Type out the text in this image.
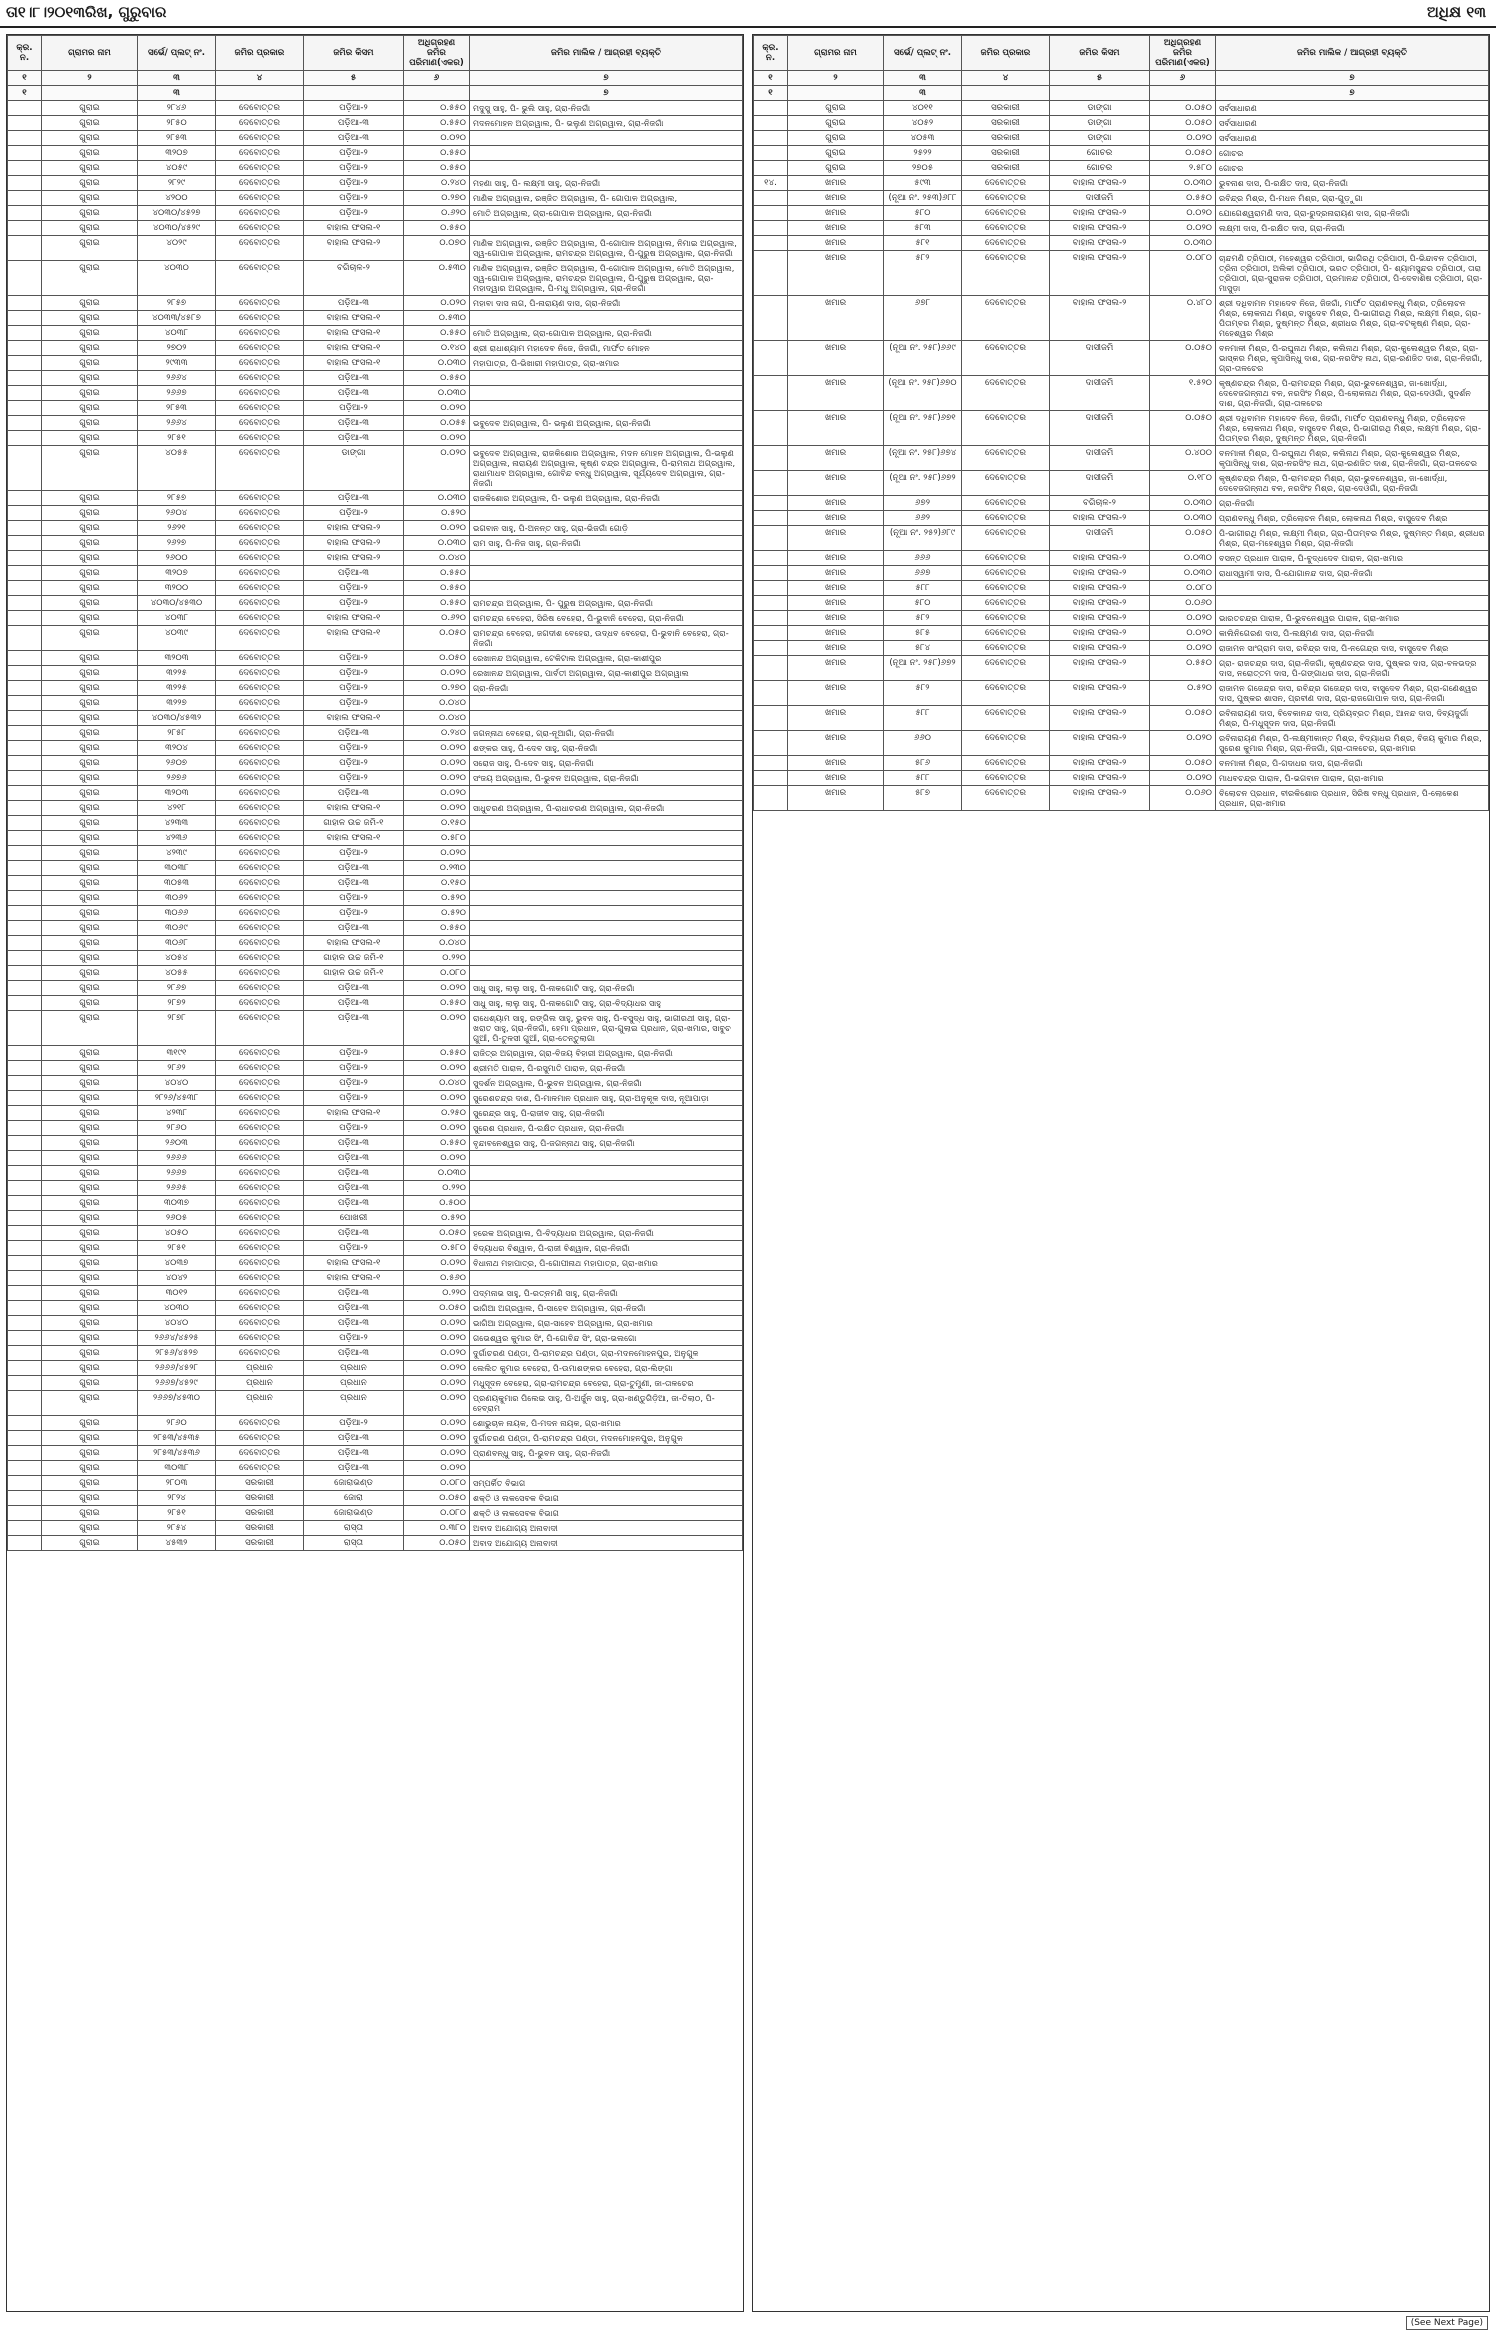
ତା୧।୮।୨୦୧୩ରିଖ, ଗୁରୁବାର	ଅଧିକ୍ଷ ୧୩
କ୍ର. ନ.	ଗ୍ରାମର ନାମ	ସର୍ଭେ/ ପ୍ଲଟ୍ ନଂ.	ଜମିର ପ୍ରକାର	ଜମିର କିସମ	ଅଧିଗ୍ରହଣ ଜମିର ପରିମାଣ(ଏକର)	ଜମିର ମାଲିକ / ଆଗ୍ରହୀ ବ୍ୟକ୍ତି
୧	୨	୩	୪	୫	୬	୭
୧		୩				୭
	ଗୁରାଇ	୨୮୪୬	ଦେବୋତ୍ତର	ପଡ଼ିଆ-୨	୦.୫୫୦	ମଦୁସୁ ସାହୁ, ପି- ଭୁଲି ସାହୁ, ଗ୍ରା-ନିଜଗାଁ
	ଗୁରାଇ	୨୮୫୦	ଦେବୋତ୍ତର	ପଡ଼ିଆ-୩	୦.୫୫୦	ମଦନମୋହନ ଅଗ୍ରୱାଲ, ପି- ଭଲୁଣ ଅଗ୍ରୱାଲ, ଗ୍ରା-ନିଜଗାଁ
	ଗୁରାଇ	୨୮୫୩	ଦେବୋତ୍ତର	ପଡ଼ିଆ-୩	୦.୦୨୦	
	ଗୁରାଇ	୩୨୦୭	ଦେବୋତ୍ତର	ପଡ଼ିଆ-୨	୦.୫୫୦	
	ଗୁରାଇ	୪୦୫୯	ଦେବୋତ୍ତର	ପଡ଼ିଆ-୨	୦.୫୫୦	
	ଗୁରାଇ	୨୮୨୯	ଦେବୋତ୍ତର	ପଡ଼ିଆ-୨	୦.୨୪୦	ମହଣା ସାହୁ, ପି- ଲକ୍ଷ୍ମୀ ସାହୁ, ଗ୍ରା-ନିଜଗାଁ
	ଗୁରାଇ	୪୨୦୦	ଦେବୋତ୍ତର	ପଡ଼ିଆ-୨	୦.୨୭୦	ମାଣିକ ଅଗ୍ରୱାଲ, ରଞ୍ଜିତ ଅଗ୍ରୱାଲ, ପି- ଗୋପାଳ ଅଗ୍ରୱାଲ,
	ଗୁରାଇ	୪୦୩୦/୪୫୨୭	ଦେବୋତ୍ତର	ପଡ଼ିଆ-୨	୦.୬୨୦	ମୋତି ଅଗ୍ରୱାଲ, ଗ୍ରା-ଗୋପାଳ ଅଗ୍ରୱାଲ, ଗ୍ରା-ନିଜଗାଁ
	ଗୁରାଇ	୪୦୩୦/୪୫୨୯	ଦେବୋତ୍ତର	ବାହାଲ ଫସଲ-୧	୦.୫୫୦	
	ଗୁରାଇ	୪୦୨୯	ଦେବୋତ୍ତର	ବାହାଲ ଫସଲ-୨	୦.୦୭୦	ମାଣିକ ଅଗ୍ରୱାଲ, ରଞ୍ଜିତ ଅଗ୍ରୱାଲ, ପି-ଗୋପାଳ ଅଗ୍ରୱାଲ, ନିମାଇ ଅଗ୍ରୱାଲ, ସ୍ୱ-ଗୋପାଳ ଅଗ୍ରୱାଲ, ରାମଚନ୍ଦ୍ର ଅଗ୍ରୱାଲ, ପି-ପୁରୁଷ ଅଗ୍ରୱାଲ, ଗ୍ରା-ନିଜଗାଁ
	ଗୁରାଇ	୪୦୩୦	ଦେବୋତ୍ତର	ବଗିଚାଳ-୨	୦.୫୩୦	ମାଣିକ ଅଗ୍ରୱାଲ, ରଞ୍ଜିତ ଅଗ୍ରୱାଲ, ପି-ଗୋପାଳ ଅଗ୍ରୱାଲ, ମୋତି ଅଗ୍ରୱାଲ, ସ୍ୱ-ଗୋପାଳ ଅଗ୍ରୱାଲ, ରାମଚନ୍ଦ୍ର ଅଗ୍ରୱାଲ, ପି-ପୁରୁଷ ଅଗ୍ରୱାଲ, ଗ୍ରା-ମହାଦ୍ୱାର ଅଗ୍ରୱାଲ, ପି-ମଧୁ ଅଗ୍ରୱାଲ, ଗ୍ରା-ନିଜଗାଁ
	ଗୁରାଇ	୨୮୫୭	ଦେବୋତ୍ତର	ପଡ଼ିଆ-୩	୦.୦୨୦	ମହାବା ଦାସ ନାଗ, ପି-ନାରାୟଣ ଦାସ, ଗ୍ରା-ନିଜଗାଁ
	ଗୁରାଇ	୪୦୩୩/୪୫୮୭	ଦେବୋତ୍ତର	ବାହାଲ ଫସଲ-୧	୦.୫୩୦	
	ଗୁରାଇ	୪୦୩୮	ଦେବୋତ୍ତର	ବାହାଲ ଫସଲ-୧	୦.୫୫୦	ମୋତି ଅଗ୍ରୱାଲ, ଗ୍ରା-ଗୋପାଳ ଅଗ୍ରୱାଲ, ଗ୍ରା-ନିଜଗାଁ
	ଗୁରାଇ	୨୭୦୨	ଦେବୋତ୍ତର	ବାହାଲ ଫସଲ-୧	୦.୧୪୦	ଶ୍ରୀ ରାଧାଶ୍ୟାମ ମହାଦେବ ନିଜେ, ଜିଜଗାଁ, ମାର୍ଫତ ମୋହନ
	ଗୁରାଇ	୨୯୩୩	ଦେବୋତ୍ତର	ବାହାଲ ଫସଲ-୧	୦.୦୩୦	ମହାପାତ୍ର, ପି-ଭିଖାରୀ ମହାପାତ୍ର, ଗ୍ରା-ଖମାର
	ଗୁରାଇ	୨୬୬୪	ଦେବୋତ୍ତର	ପଡ଼ିଆ-୩	୦.୫୫୦	
	ଗୁରାଇ	୨୬୬୭	ଦେବୋତ୍ତର	ପଡ଼ିଆ-୩	୦.୦୩୦	
	ଗୁରାଇ	୨୮୫୩	ଦେବୋତ୍ତର	ପଡ଼ିଆ-୨	୦.୦୨୦	
	ଗୁରାଇ	୨୬୬୪	ଦେବୋତ୍ତର	ପଡ଼ିଆ-୩	୦.୦୫୫	ଭବୁଦେବ ଅଗ୍ରୱାଲ, ପି- ଭଲୁଣ ଅଗ୍ରୱାଲ, ଗ୍ରା-ନିଜଗାଁ
	ଗୁରାଇ	୨୮୫୧	ଦେବୋତ୍ତର	ପଡ଼ିଆ-୩	୦.୦୨୦	
	ଗୁରାଇ	୪୦୫୫	ଦେବୋତ୍ତର	ଡାଙ୍ଗା	୦.୦୨୦	ଭବୁଦେବ ଅଗ୍ରୱାଲ, ରାଜକିଶୋର ଅଗ୍ରୱାଲ, ମଦନ ମୋହନ ଅଗ୍ରୱାଲ, ପି-ଭଲୁଣ ଅଗ୍ରୱାଲ, ନାରାୟଣ ଅଗ୍ରୱାଲ, କୃଷ୍ଣ ଚନ୍ଦ୍ର ଅଗ୍ରୱାଲ, ପି-ରାମନାଥ ଅଗ୍ରୱାଲ, ରାଧାମାଧବ ଅଗ୍ରୱାଲ, ଗୋବିନ୍ଦ ବନ୍ଧୁ ଅଗ୍ରୱାଲ, ସୂର୍ଯ୍ୟଦେବ ଅଗ୍ରୱାଲ, ଗ୍ରା-ନିଜଗାଁ
	ଗୁରାଇ	୨୮୫୭	ଦେବୋତ୍ତର	ପଡ଼ିଆ-୩	୦.୦୩୦	ରାଜକିଶୋର ଅଗ୍ରୱାଲ, ପି- ଭଲୁଣ ଅଗ୍ରୱାଲ, ଗ୍ରା-ନିଜଗାଁ
	ଗୁରାଇ	୨୬୦୪	ଦେବୋତ୍ତର	ପଡ଼ିଆ-୨	୦.୫୨୦	
	ଗୁରାଇ	୨୬୨୧	ଦେବୋତ୍ତର	ବାହାଲ ଫସଲ-୨	୦.୦୨୦	ଭଗବାନ ସାହୁ, ପି-ଅନନ୍ତ ସାହୁ, ଗ୍ରା-ଭିଜଗାଁ ଗୋଡ଼ି
	ଗୁରାଇ	୨୬୨୭	ଦେବୋତ୍ତର	ବାହାଲ ଫସଲ-୨	୦.୦୩୦	ରାମ ସାହୁ, ପି-ନିଜ ସାହୁ, ଗ୍ରା-ନିଜଗାଁ
	ଗୁରାଇ	୨୬୦୦	ଦେବୋତ୍ତର	ବାହାଲ ଫସଲ-୨	୦.୦୪୦	
	ଗୁରାଇ	୩୨୦୭	ଦେବୋତ୍ତର	ପଡ଼ିଆ-୩	୦.୫୫୦	
	ଗୁରାଇ	୩୨୦୦	ଦେବୋତ୍ତର	ପଡ଼ିଆ-୨	୦.୫୫୦	
	ଗୁରାଇ	୪୦୩୦/୪୫୩୦	ଦେବୋତ୍ତର	ପଡ଼ିଆ-୨	୦.୫୫୦	ରାମଚନ୍ଦ୍ର ଅଗ୍ରୱାଲ, ପି- ପୁରୁଷ ଅଗ୍ରୱାଲ, ଗ୍ରା-ନିଜଗାଁ
	ଗୁରାଇ	୪୦୩୮	ଦେବୋତ୍ତର	ବାହାଲ ଫସଲ-୧	୦.୬୨୦	ରାମଚନ୍ଦ୍ର ବେହେରା, ସିରିଷ ବେହେରା, ପି-ଭୁବାନି ବେହେରା, ଗ୍ରା-ନିଜଗାଁ
	ଗୁରାଇ	୪୦୩୯	ଦେବୋତ୍ତର	ବାହାଲ ଫସଲ-୧	୦.୦୫୦	ରାମଚନ୍ଦ୍ର ବେହେରା, ଜଗଦୀଶ ବେହେରା, ଉଦ୍ଧବ ବେହେରା, ପି-ଭୁବାନି ବେହେରା, ଗ୍ରା-ନିଜଗାଁ
	ଗୁରାଇ	୩୨୦୩	ଦେବୋତ୍ତର	ପଡ଼ିଆ-୨	୦.୦୫୦	ରେଖାନନ୍ଦ ଅଗ୍ରୱାଲ, ଟେକିଟାଲ ଅଗ୍ରୱାଲ, ଗ୍ରା-କାଶୀପୁର
	ଗୁରାଇ	୩୨୨୫	ଦେବୋତ୍ତର	ପଡ଼ିଆ-୨	୦.୦୨୦	ରେଖାନନ୍ଦ ଅଗ୍ରୱାଲ, ପାର୍ବତୀ ଅଗ୍ରୱାଲ, ଗ୍ରା-କାଶୀପୁର ଅଗ୍ରୱାଲ
	ଗୁରାଇ	୩୨୨୫	ଦେବୋତ୍ତର	ପଡ଼ିଆ-୨	୦.୨୭୦	ଗ୍ରା-ନିଜଗାଁ
	ଗୁରାଇ	୩୨୨୭	ଦେବୋତ୍ତର	ପଡ଼ିଆ-୨	୦.୦୪୦	
	ଗୁରାଇ	୪୦୩୦/୪୫୩୨	ଦେବୋତ୍ତର	ବାହାଲ ଫସଲ-୧	୦.୦୪୦	
	ଗୁରାଇ	୨୮୫୮	ଦେବୋତ୍ତର	ପଡ଼ିଆ-୩	୦.୨୪୦	ଜଗନ୍ନାଥ ବେହେରା, ଗ୍ରା-ନୂଆଗାଁ, ଗ୍ରା-ନିଜଗାଁ
	ଗୁରାଇ	୩୨୦୪	ଦେବୋତ୍ତର	ପଡ଼ିଆ-୨	୦.୦୨୦	ଶଙ୍କର ସାହୁ, ପି-ଦେବ ସାହୁ, ଗ୍ରା-ନିଜଗାଁ
	ଗୁରାଇ	୨୬୦୭	ଦେବୋତ୍ତର	ପଡ଼ିଆ-୨	୦.୦୨୦	ସରୋଜ ସାହୁ, ପି-ଦେବ ସାହୁ, ଗ୍ରା-ନିଜଗାଁ
	ଗୁରାଇ	୨୬୭୬	ଦେବୋତ୍ତର	ପଡ଼ିଆ-୨	୦.୦୨୦	ସଂଜୟ ଅଗ୍ରୱାଲ, ପି-ଭୁବନ ଅଗ୍ରୱାଲ, ଗ୍ରା-ନିଜଗାଁ
	ଗୁରାଇ	୩୨୦୩	ଦେବୋତ୍ତର	ପଡ଼ିଆ-୩	୦.୦୨୦	
	ଗୁରାଇ	୪୨୧୮	ଦେବୋତ୍ତର	ବାହାଲ ଫସଲ-୧	୦.୦୨୦	ସାଧୁଚରଣ ଅଗ୍ରୱାଲ, ପି-ରାଧାଚରଣ ଅଗ୍ରୱାଲ, ଗ୍ରା-ନିଜଗାଁ
	ଗୁରାଇ	୪୨୩୩	ଦେବୋତ୍ତର	ଗାହାଳ ଉଚ୍ଚ ଜମି-୧	୦.୧୫୦	
	ଗୁରାଇ	୪୨୩୬	ଦେବୋତ୍ତର	ବାହାଲ ଫସଲ-୧	୦.୫୮୦	
	ଗୁରାଇ	୪୨୩୯	ଦେବୋତ୍ତର	ପଡ଼ିଆ-୨	୦.୦୨୦	
	ଗୁରାଇ	୩୦୩୮	ଦେବୋତ୍ତର	ପଡ଼ିଆ-୩	୦.୨୩୦	
	ଗୁରାଇ	୩୦୫୩	ଦେବୋତ୍ତର	ପଡ଼ିଆ-୩	୦.୧୫୦	
	ଗୁରାଇ	୩୦୬୨	ଦେବୋତ୍ତର	ପଡ଼ିଆ-୨	୦.୫୨୦	
	ଗୁରାଇ	୩୦୬୬	ଦେବୋତ୍ତର	ପଡ଼ିଆ-୨	୦.୫୨୦	
	ଗୁରାଇ	୩୦୬୯	ଦେବୋତ୍ତର	ପଡ଼ିଆ-୩	୦.୫୫୦	
	ଗୁରାଇ	୩୦୬୮	ଦେବୋତ୍ତର	ବାହାଲ ଫସଲ-୧	୦.୦୪୦	
	ଗୁରାଇ	୪୦୫୪	ଦେବୋତ୍ତର	ଗାହାଳ ଉଚ୍ଚ ଜମି-୧	୦.୨୨୦	
	ଗୁରାଇ	୪୦୫୫	ଦେବୋତ୍ତର	ଗାହାଳ ଉଚ୍ଚ ଜମି-୧	୦.୦୮୦	
	ଗୁରାଇ	୨୮୬୭	ଦେବୋତ୍ତର	ପଡ଼ିଆ-୩	୦.୦୨୦	ସାଧୁ ସାହୁ, ଲାଲୁ ସାହୁ, ପି-ନାକଗୋଟି ସାହୁ, ଗ୍ରା-ନିଜଗାଁ
	ଗୁରାଇ	୨୮୭୨	ଦେବୋତ୍ତର	ପଡ଼ିଆ-୩	୦.୫୫୦	ସାଧୁ ସାହୁ, ଲାଲୁ ସାହୁ, ପି-ନାକଗୋଟି ସାହୁ, ଗ୍ରା-ବିଦ୍ୟାଧର ସାହୁ
	ଗୁରାଇ	୨୮୭୮	ଦେବୋତ୍ତର	ପଡ଼ିଆ-୩	୦.୦୨୦	ରାଧେଶ୍ୟାମ ସାହୁ, ରଙ୍ଗିଲ ସାହୁ, ଭୁବନ ସାହୁ, ପି-ବସୁଦ୍ଧ ସାହୁ, ଭାଗୀରଥୀ ସାହୁ, ଗ୍ରା-ଖରାତ ସାହୁ, ଗ୍ରା-ନିଜଗାଁ, ହେମା ପ୍ରଧାନ, ଗ୍ରା-ଗୁଲାଇ ପ୍ରଧାନ, ଗ୍ରା-ଖମାର, ସାବୁଚ ଗୁଆଁ, ପି-ତୁଳସୀ ଗୁଆଁ, ଗ୍ରା-ତେନ୍ତୁଲାଗା
	ଗୁରାଇ	୩୧୯୧	ଦେବୋତ୍ତର	ପଡ଼ିଆ-୨	୦.୫୫୦	ରାଜିତ୍ର ଅଗ୍ରୱାଲ, ଗ୍ରା-ବିଜୟ ବିହାରୀ ଅଗ୍ରୱାଲ, ଗ୍ରା-ନିଜଗାଁ
	ଗୁରାଇ	୨୮୬୨	ଦେବୋତ୍ତର	ପଡ଼ିଆ-୨	୦.୦୨୦	ଶ୍ରୀମତି ପାରାଳ, ପି-ରସୁମାତି ପାରାଳ, ଗ୍ରା-ନିଜଗାଁ
	ଗୁରାଇ	୪୦୪୦	ଦେବୋତ୍ତର	ପଡ଼ିଆ-୨	୦.୦୪୦	ସୁଦର୍ଶନ ଅଗ୍ରୱାଲ, ପି-ଭୁବନ ଅଗ୍ରୱାଲ, ଗ୍ରା-ନିଜଗାଁ
	ଗୁରାଇ	୨୮୨୬/୪୫୩୮	ଦେବୋତ୍ତର	ପଡ଼ିଆ-୨	୦.୦୨୦	ସୁରେଶଚନ୍ଦ୍ର ଦାଶ, ପି-ମାଳମାନ ପ୍ରଧାନ ସାହୁ, ଗ୍ରା-ଅନୁକୂଳ ଦାସ, ନୂଆପାଡ଼ା
	ଗୁରାଇ	୪୨୩୮	ଦେବୋତ୍ତର	ବାହାଲ ଫସଲ-୧	୦.୨୫୦	ସୁରେନ୍ଦ୍ର ସାହୁ, ପି-ରାଜୀବ ସାହୁ, ଗ୍ରା-ନିଜଗାଁ
	ଗୁରାଇ	୨୮୬୦	ଦେବୋତ୍ତର	ପଡ଼ିଆ-୨	୦.୦୨୦	ସୁରେଶ ପ୍ରଧାନ, ପି-ରକ୍ଷିତ ପ୍ରଧାନ, ଗ୍ରା-ନିଜଗାଁ
	ଗୁରାଇ	୨୬୦୩	ଦେବୋତ୍ତର	ପଡ଼ିଆ-୩	୦.୫୫୦	ବୃନ୍ଦାବନେଶ୍ୱର ସାହୁ, ପି-ଜଗନ୍ନାଥ ସାହୁ, ଗ୍ରା-ନିଜଗାଁ
	ଗୁରାଇ	୨୬୬୬	ଦେବୋତ୍ତର	ପଡ଼ିଆ-୩	୦.୦୨୦	
	ଗୁରାଇ	୨୬୬୭	ଦେବୋତ୍ତର	ପଡ଼ିଆ-୩	୦.୦୩୦	
	ଗୁରାଇ	୨୬୬୫	ଦେବୋତ୍ତର	ପଡ଼ିଆ-୩	୦.୨୨୦	
	ଗୁରାଇ	୩୦୩୭	ଦେବୋତ୍ତର	ପଡ଼ିଆ-୩	୦.୫୦୦	
	ଗୁରାଇ	୨୬୦୫	ଦେବୋତ୍ତର	ପୋଖରୀ	୦.୫୨୦	
	ଗୁରାଇ	୪୦୫୦	ଦେବୋତ୍ତର	ପଡ଼ିଆ-୩	୦.୦୫୦	ହରେକ ଅଗ୍ରୱାଲ, ପି-ବିଦ୍ୟାଧର ଅଗ୍ରୱାଲ, ଗ୍ରା-ନିଜଗାଁ
	ଗୁରାଇ	୨୮୫୧	ଦେବୋତ୍ତର	ପଡ଼ିଆ-୨	୦.୫୮୦	ବିଦ୍ୟାଧର ବିଶ୍ୱାଳ, ପି-ରାଜୀ ବିଶ୍ୱାଳ, ଗ୍ରା-ନିଜଗାଁ
	ଗୁରାଇ	୪୦୩୭	ଦେବୋତ୍ତର	ବାହାଲ ଫସଲ-୧	୦.୦୨୦	ବିଧାନାଥ ମହାପାତ୍ର, ପି-ଗୋପୀନାଥ ମହାପାତ୍ର, ଗ୍ରା-ଖମାର
	ଗୁରାଇ	୪୦୪୨	ଦେବୋତ୍ତର	ବାହାଲ ଫସଲ-୧	୦.୫୬୦	
	ଗୁରାଇ	୩୦୧୨	ଦେବୋତ୍ତର	ପଡ଼ିଆ-୩	୦.୨୨୦	ପଦ୍ମନାଭ ସାହୁ, ପି-ରତ୍ନମଣି ସାହୁ, ଗ୍ରା-ନିଜଗାଁ
	ଗୁରାଇ	୪୦୩୦	ଦେବୋତ୍ତର	ପଡ଼ିଆ-୩	୦.୦୫୦	ଭାଗିଆ ଅଗ୍ରୱାଲ, ପି-ସାହେବ ଅଗ୍ରୱାଲ, ଗ୍ରା-ନିଜଗାଁ
	ଗୁରାଇ	୪୦୪୦	ଦେବୋତ୍ତର	ପଡ଼ିଆ-୩	୦.୦୨୦	ଭାଗିଆ ଅଗ୍ରୱାଲ, ଗ୍ରା-ସାହେବ ଅଗ୍ରୱାଲ, ଗ୍ରା-ଖମାର
	ଗୁରାଇ	୨୬୬୪/୪୫୨୫	ଦେବୋତ୍ତର	ପଡ଼ିଆ-୨	୦.୦୨୦	ଗଭେଶ୍ୱର କୁମାର ସିଂ, ପି-ଗୋବିନ୍ଦ ସିଂ, ଗ୍ରା-ଭଲଗୋ
	ଗୁରାଇ	୨୮୫୬/୪୫୨୭	ଦେବୋତ୍ତର	ପଡ଼ିଆ-୩	୦.୦୨୦	ଦୁର୍ଗାଚରଣ ପଣ୍ଡା, ପି-ରାମଚନ୍ଦ୍ର ପଣ୍ଡା, ଗ୍ରା-ମଦନମୋହନପୁର, ଅନୁଗୁଳ
	ଗୁରାଇ	୨୬୬୬/୪୫୨୮	ପ୍ରଧାନ	ପ୍ରଧାନ	୦.୦୨୦	ଲେଲିତ କୁମାର ବେହେରା, ପି-ଉମାଶଙ୍କର ବେହେରା, ଗ୍ରା-ଲିଙ୍ଗା
	ଗୁରାଇ	୨୬୬୭/୪୫୨୯	ପ୍ରଧାନ	ପ୍ରଧାନ	୦.୦୨୦	ମଧୁସୂଦନ ବେହେରା, ଗ୍ରା-ରାମଚନ୍ଦ୍ର ବେହେରା, ଗ୍ରା-ତୁମୁଣୀ, ଜା-ତାଳଚେର
	ଗୁରାଇ	୨୬୬୭/୪୫୩୦	ପ୍ରଧାନ	ପ୍ରଧାନ	୦.୦୨୦	ପ୍ରଣୟକୁମାର ପିଲେଇ ସାହୁ, ପି-ଅର୍ଜୁନ ସାହୁ, ଗ୍ରା-ଖଣ୍ଡୁଗିଡ଼ିଆ, ଜା-ତିଲାଠ, ପି-ହେବ୍ରାମ
	ଗୁରାଇ	୨୮୬୦	ଦେବୋତ୍ତର	ପଡ଼ିଆ-୨	୦.୦୨୦	ଶୋଭୁଚାଳ ନାୟକ, ପି-ମଦନ ନାୟକ, ଗ୍ରା-ଖମାର
	ଗୁରାଇ	୨୮୫୩/୪୫୩୫	ଦେବୋତ୍ତର	ପଡ଼ିଆ-୩	୦.୦୨୦	ଦୁର୍ଗାଚରଣ ପଣ୍ଡା, ପି-ରାମଚନ୍ଦ୍ର ପଣ୍ଡା, ମଦନମୋହନପୁର, ଅନୁଗୁଳ
	ଗୁରାଇ	୨୮୫୩/୪୫୩୬	ଦେବୋତ୍ତର	ପଡ଼ିଆ-୩	୦.୦୨୦	ପ୍ରାଣବନ୍ଧୁ ସାହୁ, ପି-ଭୁବନ ସାହୁ, ଗ୍ରା-ନିଜଗାଁ
	ଗୁରାଇ	୩୦୩୮	ଦେବୋତ୍ତର	ପଡ଼ିଆ-୩	୦.୦୨୦	
	ଗୁରାଇ	୨୮୦୩	ସରକାରୀ	ଜୋରାଭଣ୍ଡ	୦.୦୮୦	ସମ୍ପର୍କିତ ବିଭାଗ
	ଗୁରାଇ	୨୮୨୪	ସରକାରୀ	ଜୋରା	୦.୦୫୦	ଶକ୍ତି ଓ ଲକସେବକ ବିଭାଗ
	ଗୁରାଇ	୨୮୫୧	ସରକାରୀ	ଜୋରାଭଣ୍ଡ	୦.୦୮୦	ଶକ୍ତି ଓ ଲକସେବକ ବିଭାଗ
	ଗୁରାଇ	୨୮୫୪	ସରକାରୀ	ରାସ୍ତା	୦.୩୮୦	ଅବାଦ ଅଯୋଗ୍ୟ ଅନାବାଦୀ
	ଗୁରାଇ	୪୫୩୨	ସରକାରୀ	ରାସ୍ତା	୦.୦୫୦	ଅବାଦ ଅଯୋଗ୍ୟ ଅନାବାଦୀ
କ୍ର. ନ.	ଗ୍ରାମର ନାମ	ସର୍ଭେ/ ପ୍ଲଟ୍ ନଂ.	ଜମିର ପ୍ରକାର	ଜମିର କିସମ	ଅଧିଗ୍ରହଣ ଜମିର ପରିମାଣ(ଏକର)	ଜମିର ମାଲିକ / ଆଗ୍ରହୀ ବ୍ୟକ୍ତି
୧	୨	୩	୪	୫	୬	୭
୧		୩				୭
	ଗୁରାଇ	୪୦୧୧	ସରକାରୀ	ଡାଙ୍ଗା	୦.୦୫୦	ସର୍ବସାଧାରଣ
	ଗୁରାଇ	୪୦୫୨	ସରକାରୀ	ଡାଙ୍ଗା	୦.୦୫୦	ସର୍ବସାଧାରଣ
	ଗୁରାଇ	୪୦୫୩	ସରକାରୀ	ଡାଙ୍ଗା	୦.୦୨୦	ସର୍ବସାଧାରଣ
	ଗୁରାଇ	୨୫୨୨	ସରକାରୀ	ଗୋଚର	୦.୦୫୦	ଗୋଚର
	ଗୁରାଇ	୨୭୦୫	ସରକାରୀ	ଗୋଚର	୨.୫୮୦	ଗୋଚର
୧୪.	ଖମାର	୫୯୩	ଦେବୋତ୍ତର	ବାହାଲ ଫସଲ-୨	୦.୦୩୦	ଭୁବନାଶ ଦାସ, ପି-ରକ୍ଷିତ ଦାସ, ଗ୍ରା-ନିଜଗାଁ
	ଖମାର	(ନୂଆ ନଂ. ୨୫୩)୬୮୮	ଦେବୋତ୍ତର	ଦାସୀଜମି	୦.୫୫୦	ରବିନ୍ଦ୍ର ମିଶ୍ର, ପି-ମଧନ ମିଶ୍ର, ଗ୍ରା-ଗୁଡ଼ୁଗା
	ଖମାର	୫୮୦	ଦେବୋତ୍ତର	ବାହାଲ ଫସଲ-୨	୦.୦୨୦	ଯୋଗେଶ୍ୱରାମଣି ଦାସ, ଗ୍ରା-ରୁଦ୍ରନାରାୟଣ ଦାସ, ଗ୍ରା-ନିଜଗାଁ
	ଖମାର	୫୮୩	ଦେବୋତ୍ତର	ବାହାଲ ଫସଲ-୨	୦.୦୨୦	ଲକ୍ଷ୍ମୀ ଦାସ, ପି-ରକ୍ଷିତ ଦାସ, ଗ୍ରା-ନିଜଗାଁ
	ଖମାର	୫୮୧	ଦେବୋତ୍ତର	ବାହାଲ ଫସଲ-୨	୦.୦୩୦	
	ଖମାର	୫୮୨	ଦେବୋତ୍ତର	ବାହାଲ ଫସଲ-୨	୦.୦୮୦	ଚାନ୍ଦମଣି ତ୍ରିପାଠୀ, ମହେଶ୍ୱର ତ୍ରିପାଠୀ, ଭାଗିରଥି ତ୍ରିପାଠୀ, ପି-ଭିନ୍ଦାବନ ତ୍ରିପାଠୀ, ତ୍ରିନା ତ୍ରିପାଠୀ, ଅଲିକୀ ତ୍ରିପାଠୀ, ଭରତ ତ୍ରିପାଠୀ, ପି- ଶ୍ୟାମସୁନ୍ଦର ତ୍ରିପାଠୀ, ତାରା ତ୍ରିପାଠୀ, ଗ୍ରା-ସୁରାଜକ ତ୍ରିପାଠୀ, ପ୍ରମାନନ୍ଦ ତ୍ରିପାଠୀ, ପି-ଦେବାଶିଷ ତ୍ରିପାଠୀ, ଗ୍ରା-ମାସୁଡ଼ା
	ଖମାର	୬୭୮	ଦେବୋତ୍ତର	ବାହାଲ ଫସଲ-୨	୦.୪୮୦	ଶ୍ରୀ ଦଧିବାମନ ମହାଦେବ ନିଜେ, ଜିଜଗାଁ, ମାର୍ଫତ ପ୍ରାଣବନ୍ଧୁ ମିଶ୍ର, ତ୍ରିଲୋଚନ ମିଶ୍ର, ଲୋକନାଥ ମିଶ୍ର, ବାସୁଦେବ ମିଶ୍ର, ପି-ଭାଗୀରଥି ମିଶ୍ର, ଲକ୍ଷ୍ମୀ ମିଶ୍ର, ଗ୍ରା-ପିତାମ୍ବର ମିଶ୍ର, ଦୁଷ୍ମନ୍ତ ମିଶ୍ର, ଶ୍ରୀଧର ମିଶ୍ର, ଗ୍ରା-ବଟକୃଷ୍ଣ ମିଶ୍ର, ଗ୍ରା-ମହେଶ୍ୱର ମିଶ୍ର
	ଖମାର	(ନୂଆ ନଂ. ୨୫୮)୬୬୯	ଦେବୋତ୍ତର	ଦାସୀଜମି	୦.୦୫୦	ବନମାଳୀ ମିଶ୍ର, ପି-ରଘୁନାଥ ମିଶ୍ର, କଲିନାଥ ମିଶ୍ର, ଗ୍ରା-କୁଲେଶ୍ୱର ମିଶ୍ର, ଗ୍ରା-ଭାସ୍କର ମିଶ୍ର, କୃପାସିନ୍ଧୁ ଦାଶ, ଗ୍ରା-ନରସିଂହ ନାଥ, ଗ୍ରା-ରଣଜିତ ଦାଶ, ଗ୍ରା-ନିଜଗାଁ, ଗ୍ରା-ତାଳଚେର
	ଖମାର	(ନୂଆ ନଂ. ୨୫୮)୬୭୦	ଦେବୋତ୍ତର	ଦାସୀଜମି	୧.୫୨୦	କୃଷ୍ଣଚନ୍ଦ୍ର ମିଶ୍ର, ପି-ରାମଚନ୍ଦ୍ର ମିଶ୍ର, ଗ୍ରା-ଭୁବନେଶ୍ୱର, ଜା-ଖୋର୍ଦ୍ଧା, ଦେବେଜଗନ୍ନାଥ ବଳ, ନରସିଂହ ମିଶ୍ର, ପି-ଲୋକନାଥ ମିଶ୍ର, ଗ୍ରା-ଦେଓଗାଁ, ସୁଦର୍ଶନ ଦାଶ, ଗ୍ରା-ନିଜଗାଁ, ଗ୍ରା-ତାଳଚେର
	ଖମାର	(ନୂଆ ନଂ. ୨୫୮)୬୭୧	ଦେବୋତ୍ତର	ଦାସୀଜମି	୦.୦୫୦	ଶ୍ରୀ ଦଧିବାମନ ମହାଦେବ ନିଜେ, ଜିଜଗାଁ, ମାର୍ଫତ ପ୍ରାଣବନ୍ଧୁ ମିଶ୍ର, ତ୍ରିଲୋଚନ ମିଶ୍ର, ଲୋକନାଥ ମିଶ୍ର, ବାସୁଦେବ ମିଶ୍ର, ପି-ଭାଗୀରଥି ମିଶ୍ର, ଲକ୍ଷ୍ମୀ ମିଶ୍ର, ଗ୍ରା-ପିତାମ୍ବର ମିଶ୍ର, ଦୁଷ୍ମନ୍ତ ମିଶ୍ର, ଗ୍ରା-ନିଜଗାଁ
	ଖମାର	(ନୂଆ ନଂ. ୨୫୮)୬୭୪	ଦେବୋତ୍ତର	ଦାସୀଜମି	୦.୪୦୦	ବନମାଳୀ ମିଶ୍ର, ପି-ରଘୁନାଥ ମିଶ୍ର, କଲିନାଥ ମିଶ୍ର, ଗ୍ରା-କୁଲେଶ୍ୱର ମିଶ୍ର, କୃପାସିନ୍ଧୁ ଦାଶ, ଗ୍ରା-ନରସିଂହ ନାଥ, ଗ୍ରା-ରଣଜିତ ଦାଶ, ଗ୍ରା-ନିଜଗାଁ, ଗ୍ରା-ତାଳଚେର
	ଖମାର	(ନୂଆ ନଂ. ୨୫୮)୬୭୨	ଦେବୋତ୍ତର	ଦାସୀଜମି	୦.୧୮୦	କୃଷ୍ଣଚନ୍ଦ୍ର ମିଶ୍ର, ପି-ରାମଚନ୍ଦ୍ର ମିଶ୍ର, ଗ୍ରା-ଭୁବନେଶ୍ୱର, ଜା-ଖୋର୍ଦ୍ଧା, ଦେବେଜଗନ୍ନାଥ ବଳ, ନରସିଂହ ମିଶ୍ର, ଗ୍ରା-ଦେଓଗାଁ, ଗ୍ରା-ନିଜଗାଁ
	ଖମାର	୬୭୨	ଦେବୋତ୍ତର	ବଗିଚାଳ-୨	୦.୦୩୦	ଗ୍ରା-ନିଜଗାଁ
	ଖମାର	୬୬୨	ଦେବୋତ୍ତର	ବାହାଲ ଫସଲ-୨	୦.୦୩୦	ପ୍ରାଣବନ୍ଧୁ ମିଶ୍ର, ତ୍ରିଲୋଚନ ମିଶ୍ର, ଲୋକନାଥ ମିଶ୍ର, ବାସୁଦେବ ମିଶ୍ର
	ଖମାର	(ନୂଆ ନଂ. ୨୫୨)୬୮୯	ଦେବୋତ୍ତର	ଦାସୀଜମି	୦.୦୫୦	ପି-ଭାଗୀରଥି ମିଶ୍ର, ଲକ୍ଷ୍ମୀ ମିଶ୍ର, ଗ୍ରା-ପିତାମ୍ବର ମିଶ୍ର, ଦୁଷ୍ମନ୍ତ ମିଶ୍ର, ଶ୍ରୀଧର ମିଶ୍ର, ଗ୍ରା-ମହେଶ୍ୱର ମିଶ୍ର, ଗ୍ରା-ନିଜଗାଁ
	ଖମାର	୬୬୬	ଦେବୋତ୍ତର	ବାହାଲ ଫସଲ-୨	୦.୦୩୦	ବସନ୍ତ ପ୍ରଧାନ ପାରାଳ, ପି-ବୁଦ୍ଧଦେବ ପାରାଳ, ଗ୍ରା-ଖମାର
	ଖମାର	୬୬୭	ଦେବୋତ୍ତର	ବାହାଲ ଫସଲ-୨	୦.୦୩୦	ରାଧାସ୍ୱାମୀ ଦାସ, ପି-ଯୋଗାନନ୍ଦ ଦାସ, ଗ୍ରା-ନିଜଗାଁ
	ଖମାର	୫୮୮	ଦେବୋତ୍ତର	ବାହାଲ ଫସଲ-୨	୦.୦୮୦	
	ଖମାର	୫୮୦	ଦେବୋତ୍ତର	ବାହାଲ ଫସଲ-୨	୦.୦୬୦	
	ଖମାର	୫୮୨	ଦେବୋତ୍ତର	ବାହାଲ ଫସଲ-୨	୦.୦୨୦	ଭାରତଚନ୍ଦ୍ର ପାରାଳ, ପି-ଭୁବନେଶ୍ୱର ପାରାଳ, ଗ୍ରା-ଖମାର
	ଖମାର	୫୮୫	ଦେବୋତ୍ତର	ବାହାଲ ଫସଲ-୨	୦.୦୨୦	କାଲିନିଗେରଣ ଦାସ, ପି-ଲକ୍ଷ୍ମଣ ଦାସ, ଗ୍ରା-ନିଜଗାଁ
	ଖମାର	୫୮୪	ଦେବୋତ୍ତର	ବାହାଲ ଫସଲ-୨	୦.୦୨୦	ରାଜାମନ ସାଂଗ୍ରାମ ଦାସ, ରବିନ୍ଦ୍ର ଦାସ, ପି-ନଗେନ୍ଦ୍ର ଦାସ, ବାସୁଦେବ ମିଶ୍ର
	ଖମାର	(ନୂଆ ନଂ. ୨୫୮)୬୭୨	ଦେବୋତ୍ତର	ବାହାଲ ଫସଲ-୨	୦.୫୫୦	ଗ୍ରା- ରାଜଚନ୍ଦ୍ର ଦାସ, ଗ୍ରା-ନିଜଗାଁ, କୃଷ୍ଣଚନ୍ଦ୍ର ଦାସ, ପୁଷ୍କର ଦାସ, ଗ୍ରା-ବଳଭଦ୍ର ଦାସ, ନରୋତ୍ତମ ଦାସ, ପି-ଗଙ୍ଗାଧର ଦାସ, ଗ୍ରା-ନିଜଗାଁ
	ଖମାର	୫୮୨	ଦେବୋତ୍ତର	ବାହାଲ ଫସଲ-୨	୦.୫୨୦	ରାଜାମନ ଗଜେନ୍ଦ୍ର ଦାସ, ରବିନ୍ଦ୍ର ଗଜେନ୍ଦ୍ର ଦାସ, ବାସୁଦେବ ମିଶ୍ର, ଗ୍ରା-ଗଣେଶ୍ୱର ଦାସ, ପୁଷ୍କର ଶାସନ, ପ୍ରବୀଣ ଦାସ, ଗ୍ରା-ରାଜଗୋପାଳ ଦାସ, ଗ୍ରା-ନିଜଗାଁ
	ଖମାର	୫୮୮	ଦେବୋତ୍ତର	ବାହାଲ ଫସଲ-୨	୦.୦୫୦	ରବିନାରାୟଣ ଦାସ, ବିବେକାନନ୍ଦ ଦାସ, ପ୍ରିୟବ୍ରତ ମିଶ୍ର, ଆନନ୍ଦ ଦାସ, ଦିବ୍ୟଦୁର୍ଗା ମିଶ୍ର, ପି-ମଧୁସୂଦନ ଦାସ, ଗ୍ରା-ନିଜଗାଁ
	ଖମାର	୬୬୦	ଦେବୋତ୍ତର	ବାହାଲ ଫସଲ-୨	୦.୦୨୦	ରବିନାରାୟଣ ମିଶ୍ର, ପି-ଲକ୍ଷ୍ମୀକାନ୍ତ ମିଶ୍ର, ବିଦ୍ୟାଧର ମିଶ୍ର, ବିଜୟ କୁମାର ମିଶ୍ର, ସୁରେଶ କୁମାର ମିଶ୍ର, ଗ୍ରା-ନିଜଗାଁ, ଗ୍ରା-ତାଳଚେର, ଗ୍ରା-ଖମାର
	ଖମାର	୫୮୬	ଦେବୋତ୍ତର	ବାହାଲ ଫସଲ-୨	୦.୦୫୦	ବନମାଳୀ ମିଶ୍ର, ପି-ଗଦାଧର ଦାସ, ଗ୍ରା-ନିଜଗାଁ
	ଖମାର	୫୮୮	ଦେବୋତ୍ତର	ବାହାଲ ଫସଲ-୨	୦.୦୨୦	ମାଧବଚନ୍ଦ୍ର ପାରାଳ, ପି-ଭଗବାନ ପାରାଳ, ଗ୍ରା-ଖମାର
	ଖମାର	୫୮୭	ଦେବୋତ୍ତର	ବାହାଲ ଫସଲ-୨	୦.୦୬୦	ବିଲୋଚନ ପ୍ରଧାନ, ବୀରକିଶୋର ପ୍ରଧାନ, ସିରିଷ ବନ୍ଧୁ ପ୍ରଧାନ, ପି-ଲୋକେଶ ପ୍ରଧାନ, ଗ୍ରା-ଖମାର
(See Next Page)
